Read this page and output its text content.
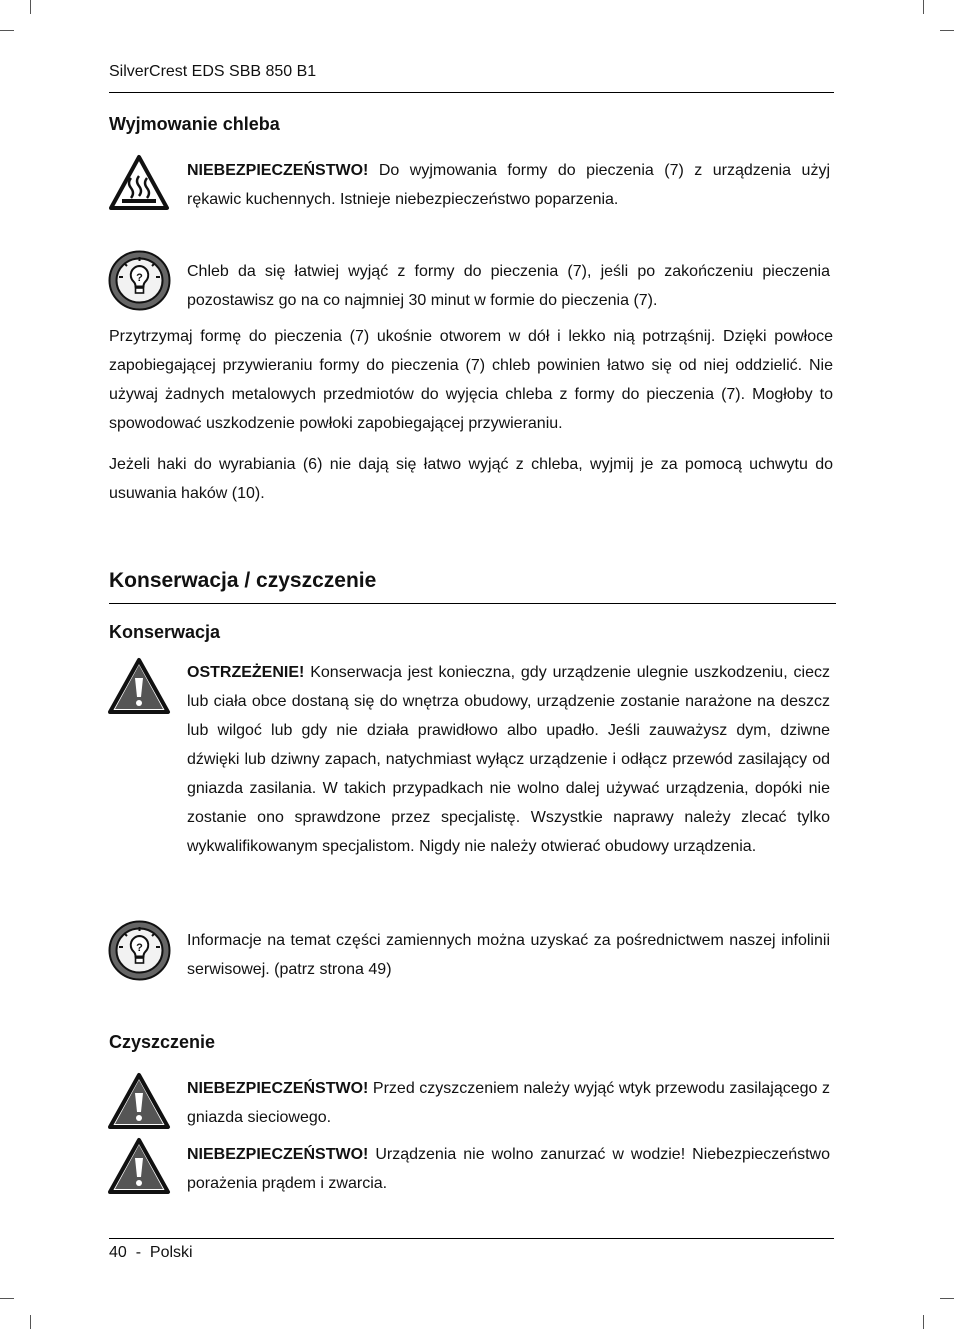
SilverCrest EDS SBB 850 B1
Wyjmowanie chleba

NIEBEZPIECZEŃSTWO! Do wyjmowania formy do pieczenia (7) z urządzenia użyj rękawic kuchennych. Istnieje niebezpieczeństwo poparzenia.

?	Chleb da się łatwiej wyjąć z formy do pieczenia (7), jeśli po zakończeniu pieczenia pozostawisz go na co najmniej 30 minut w formie do pieczenia (7).

Przytrzymaj formę do pieczenia (7) ukośnie otworem w dół i lekko nią potrząśnij. Dzięki powłoce zapobiegającej przywieraniu formy do pieczenia (7) chleb powinien łatwo się od niej oddzielić. Nie używaj żadnych metalowych przedmiotów do wyjęcia chleba z formy do pieczenia (7). Mogłoby to spowodować uszkodzenie powłoki zapobiegającej przywieraniu.

Jeżeli haki do wyrabiania (6) nie dają się łatwo wyjąć z chleba, wyjmij je za pomocą uchwytu do usuwania haków (10).

Konserwacja / czyszczenie
Konserwacja

OSTRZEŻENIE! Konserwacja jest konieczna, gdy urządzenie ulegnie uszkodzeniu, ciecz lub ciała obce dostaną się do wnętrza obudowy, urządzenie zostanie narażone na deszcz lub wilgoć lub gdy nie działa prawidłowo albo upadło. Jeśli zauważysz dym, dziwne dźwięki lub dziwny zapach, natychmiast wyłącz urządzenie i odłącz przewód zasilający od gniazda zasilania. W takich przypadkach nie wolno dalej używać urządzenia, dopóki nie zostanie ono sprawdzone przez specjalistę. Wszystkie naprawy należy zlecać tylko wykwalifikowanym specjalistom. Nigdy nie należy otwierać obudowy urządzenia.

?	Informacje na temat części zamiennych można uzyskać za pośrednictwem naszej infolinii serwisowej. (patrz strona 49)

Czyszczenie

NIEBEZPIECZEŃSTWO! Przed czyszczeniem należy wyjąć wtyk przewodu zasilającego z gniazda sieciowego.

NIEBEZPIECZEŃSTWO! Urządzenia nie wolno zanurzać w wodzie! Niebezpieczeństwo porażenia prądem i zwarcia.

40 - Polski
